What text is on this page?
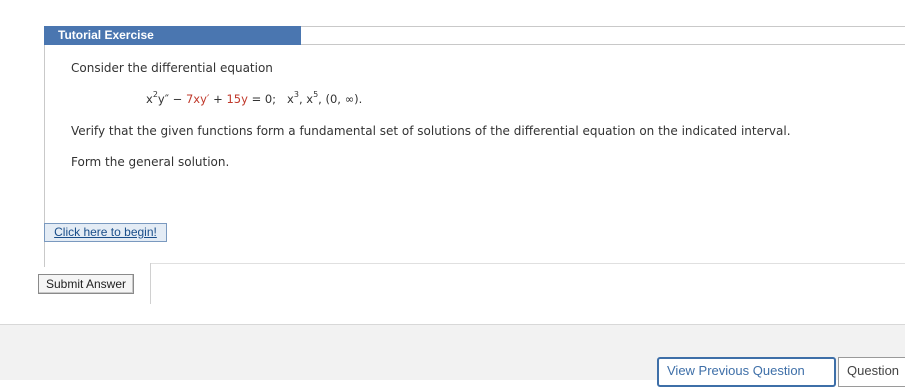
Tutorial Exercise
Consider the differential equation
$x^2y'' - 7xy' + 15y = 0$; $x^3$, $x^5$, (0, ∞).
Verify that the given functions form a fundamental set of solutions of the differential equation on the indicated interval.
Form the general solution.
Click here to begin!
Submit Answer
View Previous Question	Question
